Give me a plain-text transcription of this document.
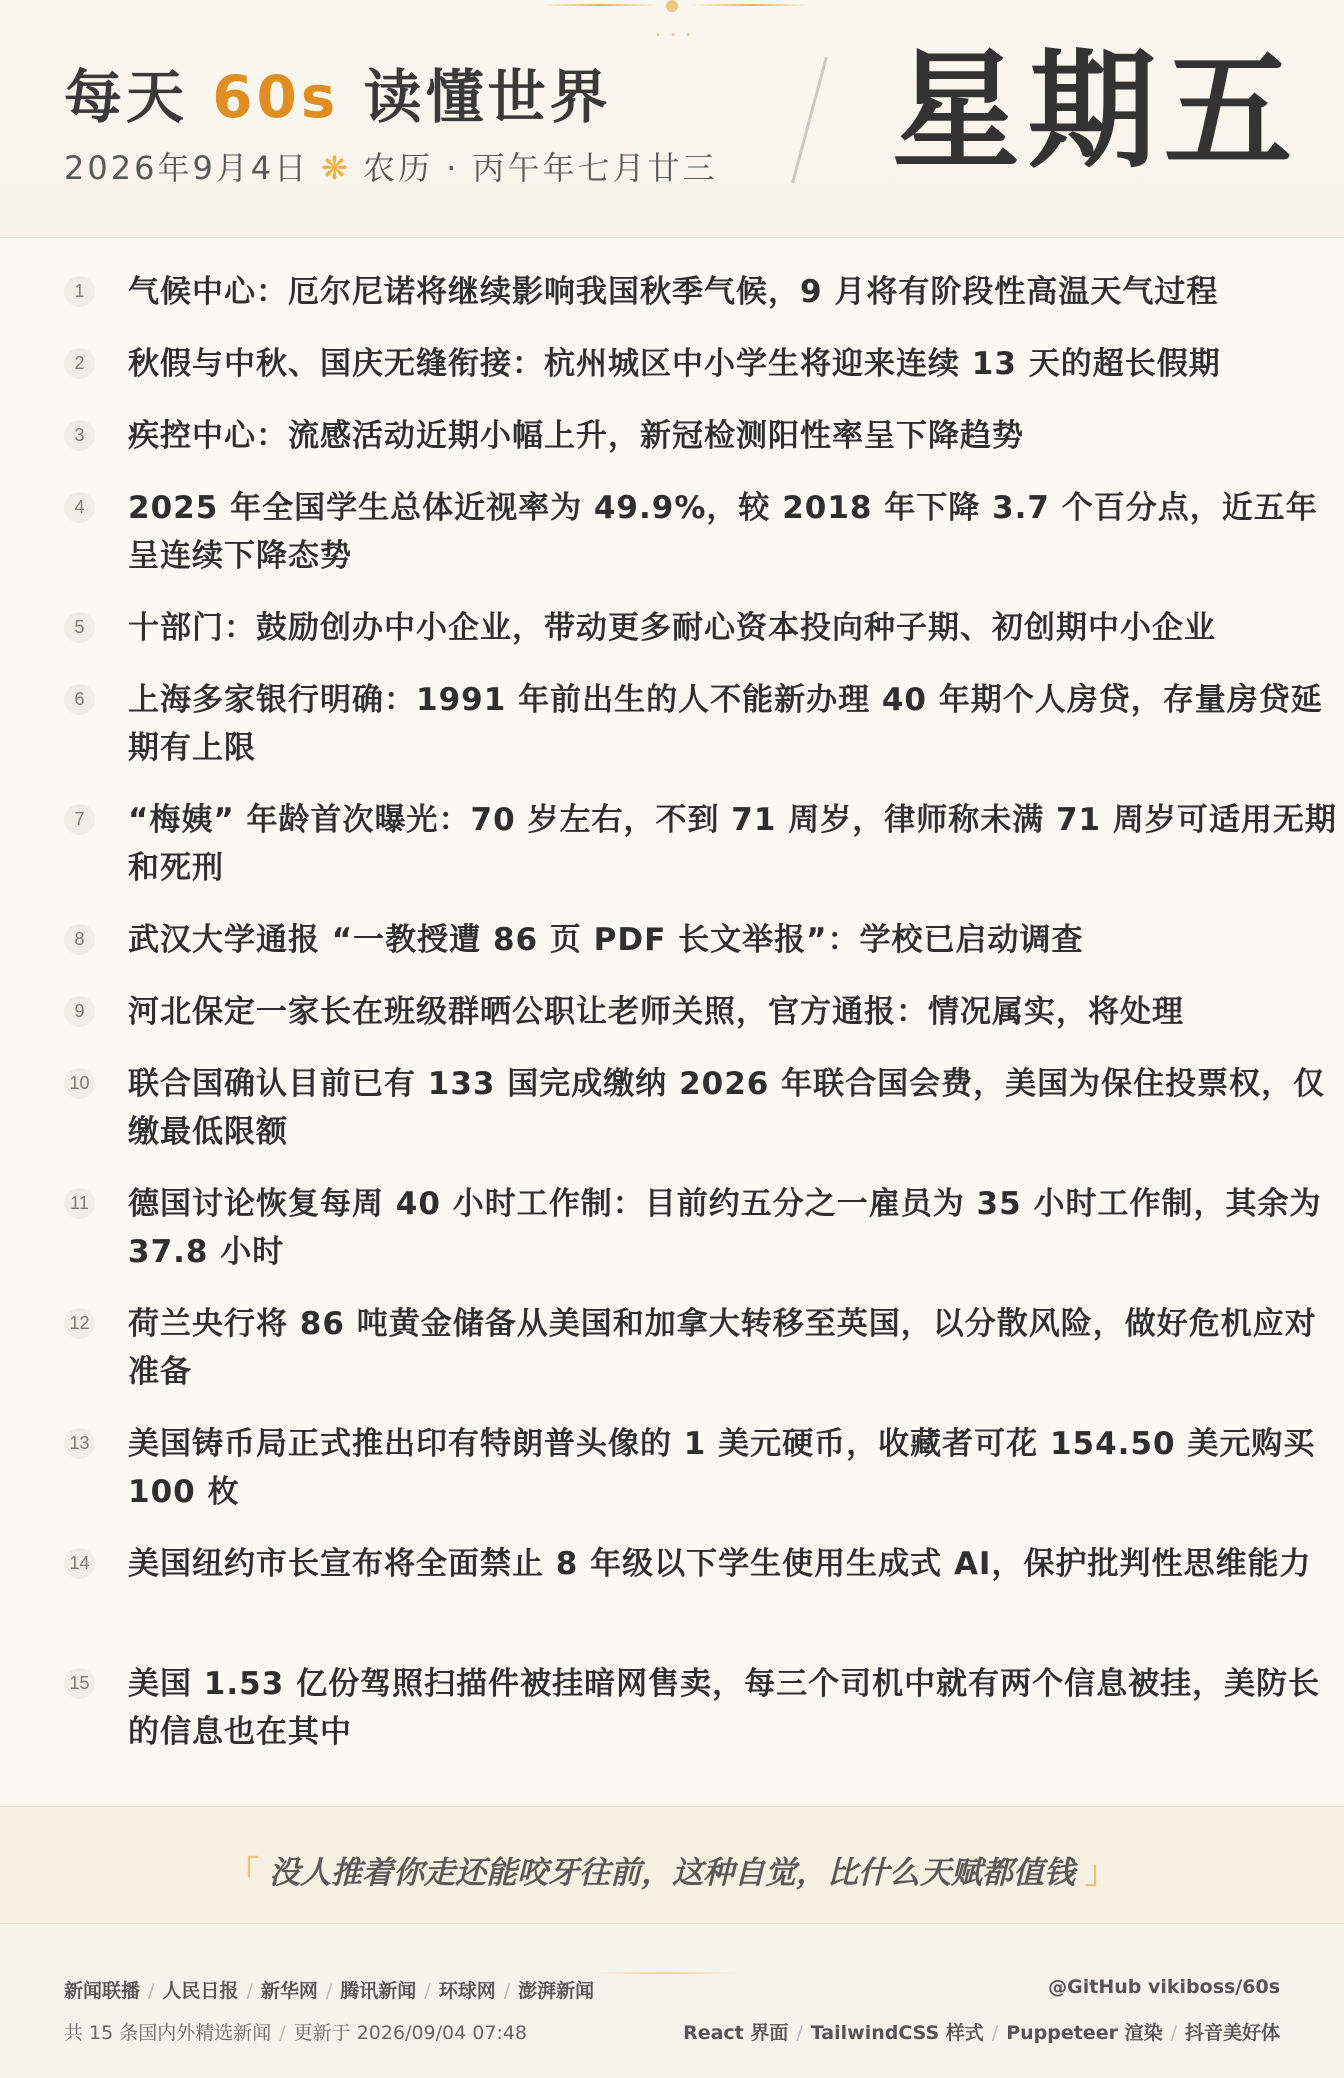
• • •
每天 60s 读懂世界
2026年9月4日 ❋ 农历 · 丙午年七月廿三 星期五
1	气候中心：厄尔尼诺将继续影响我国秋季气候，9 月将有阶段性高温天气过程
2	秋假与中秋、国庆无缝衔接：杭州城区中小学生将迎来连续 13 天的超长假期
3	疾控中心：流感活动近期小幅上升，新冠检测阳性率呈下降趋势
4	2025 年全国学生总体近视率为 49.9%，较 2018 年下降 3.7 个百分点，近五年呈连续下降态势
5	十部门：鼓励创办中小企业，带动更多耐心资本投向种子期、初创期中小企业
6	上海多家银行明确：1991 年前出生的人不能新办理 40 年期个人房贷，存量房贷延期有上限
7	“梅姨” 年龄首次曝光：70 岁左右，不到 71 周岁，律师称未满 71 周岁可适用无期和死刑
8	武汉大学通报 “一教授遭 86 页 PDF 长文举报”：学校已启动调查
9	河北保定一家长在班级群晒公职让老师关照，官方通报：情况属实，将处理
10 联合国确认目前已有 133 国完成缴纳 2026 年联合国会费，美国为保住投票权，仅缴最低限额
11 德国讨论恢复每周 40 小时工作制：目前约五分之一雇员为 35 小时工作制，其余为 37.8 小时
12 荷兰央行将 86 吨黄金储备从美国和加拿大转移至英国，以分散风险，做好危机应对准备
13 美国铸币局正式推出印有特朗普头像的 1 美元硬币，收藏者可花 154.50 美元购买 100 枚
14 美国纽约市长宣布将全面禁止 8 年级以下学生使用生成式 AI，保护批判性思维能力
15 美国 1.53 亿份驾照扫描件被挂暗网售卖，每三个司机中就有两个信息被挂，美防长的信息也在其中
「 没人推着你走还能咬牙往前，这种自觉，比什么天赋都值钱 」
新闻联播 / 人民日报 / 新华网 / 腾讯新闻 / 环球网 / 澎湃新闻	@GitHub vikiboss/60s
共 15 条国内外精选新闻 / 更新于 2026/09/04 07:48	React 界面 / TailwindCSS 样式 / Puppeteer 渲染 / 抖音美好体
